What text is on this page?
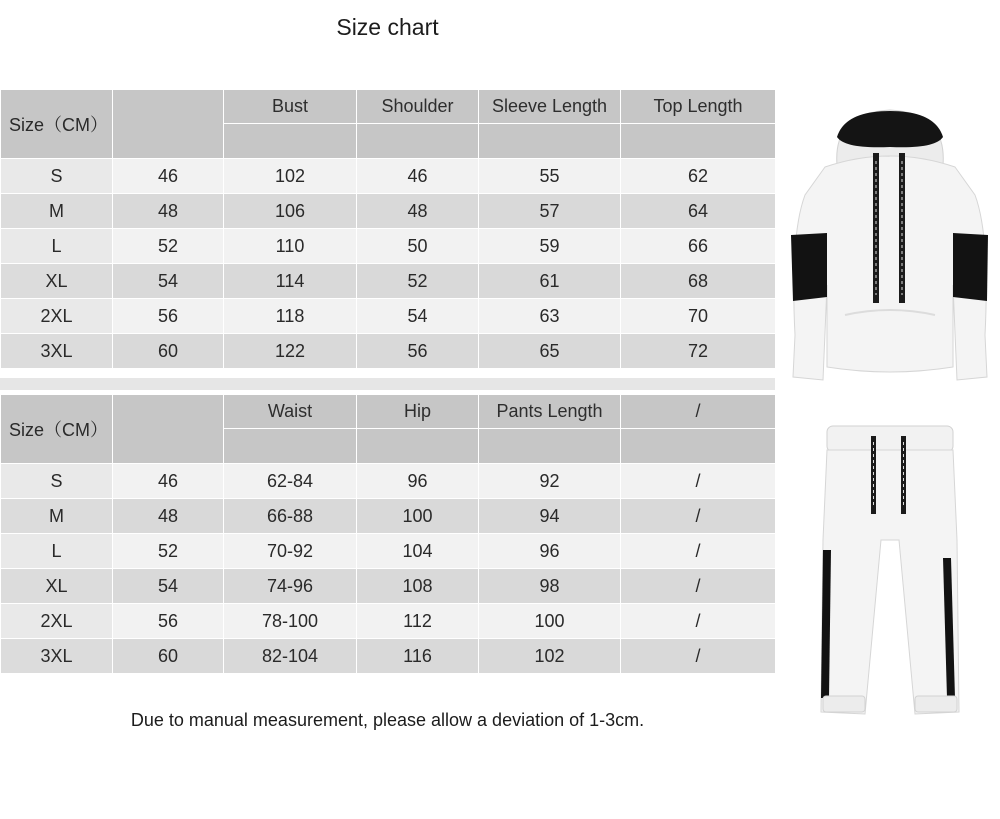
Size chart
Size（CM）		Bust	Shoulder	Sleeve Length	Top Length

S	46	102	46	55	62
M	48	106	48	57	64
L	52	110	50	59	66
XL	54	114	52	61	68
2XL	56	118	54	63	70
3XL	60	122	56	65	72
Size（CM）		Waist	Hip	Pants Length	/

S	46	62-84	96	92	/
M	48	66-88	100	94	/
L	52	70-92	104	96	/
XL	54	74-96	108	98	/
2XL	56	78-100	112	100	/
3XL	60	82-104	116	102	/
Due to manual measurement, please allow a deviation of 1-3cm.
